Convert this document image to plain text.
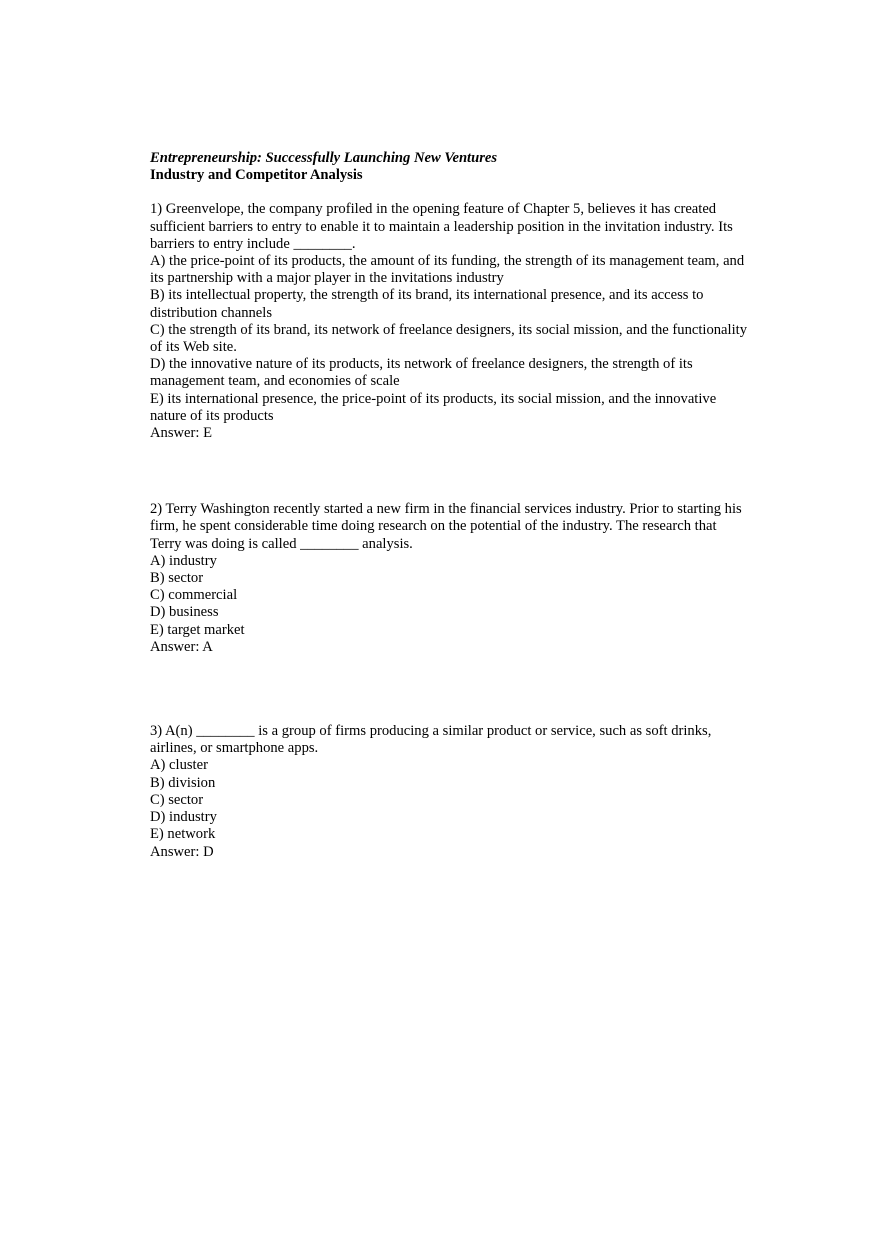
Entrepreneurship: Successfully Launching New Ventures

Industry and Competitor Analysis

1) Greenvelope, the company profiled in the opening feature of Chapter 5, believes it has created sufficient barriers to entry to enable it to maintain a leadership position in the invitation industry. Its barriers to entry include ________.

A) the price-point of its products, the amount of its funding, the strength of its management team, and its partnership with a major player in the invitations industry

B) its intellectual property, the strength of its brand, its international presence, and its access to distribution channels

C) the strength of its brand, its network of freelance designers, its social mission, and the functionality of its Web site.

D) the innovative nature of its products, its network of freelance designers, the strength of its management team, and economies of scale

E) its international presence, the price-point of its products, its social mission, and the innovative nature of its products

Answer: E

2) Terry Washington recently started a new firm in the financial services industry. Prior to starting his firm, he spent considerable time doing research on the potential of the industry. The research that Terry was doing is called ________ analysis.

A) industry

B) sector

C) commercial

D) business

E) target market

Answer: A

3) A(n) ________ is a group of firms producing a similar product or service, such as soft drinks, airlines, or smartphone apps.

A) cluster

B) division

C) sector

D) industry

E) network

Answer: D
